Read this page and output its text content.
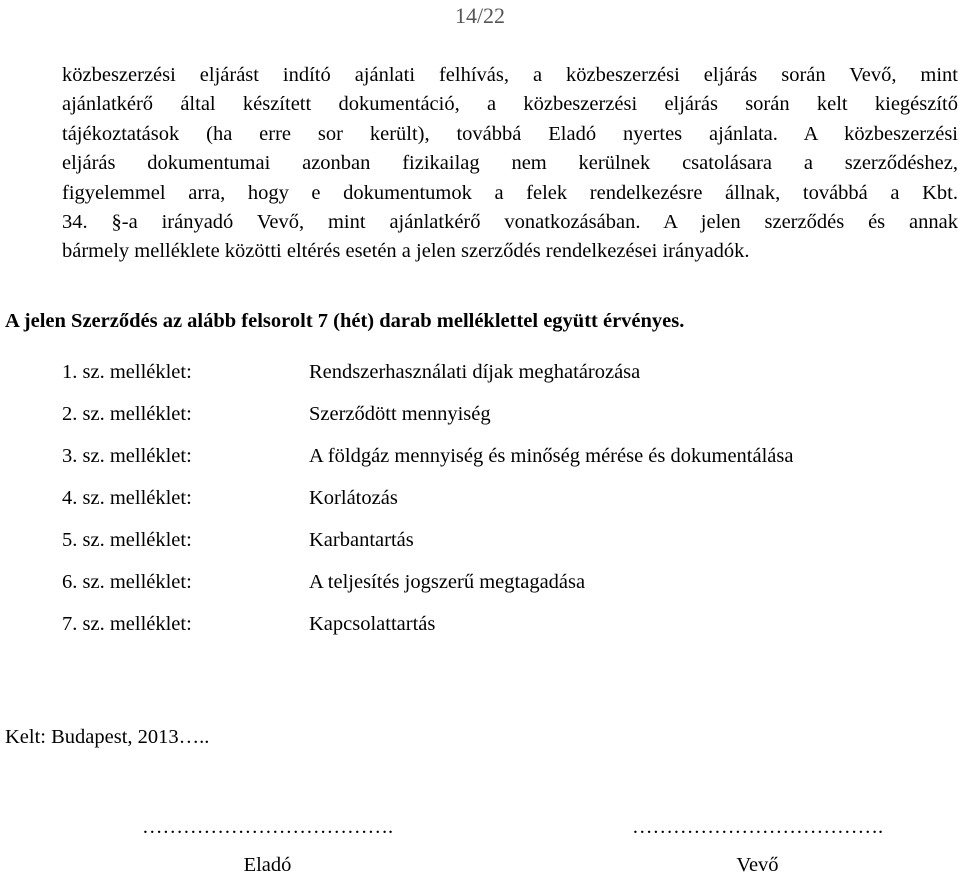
14/22
közbeszerzési eljárást indító ajánlati felhívás, a közbeszerzési eljárás során Vevő, mint
ajánlatkérő által készített dokumentáció, a közbeszerzési eljárás során kelt kiegészítő
tájékoztatások (ha erre sor került), továbbá Eladó nyertes ajánlata. A közbeszerzési
eljárás dokumentumai azonban fizikailag nem kerülnek csatolásara a szerződéshez,
figyelemmel arra, hogy e dokumentumok a felek rendelkezésre állnak, továbbá a Kbt.
34. §-a irányadó Vevő, mint ajánlatkérő vonatkozásában. A jelen szerződés és annak
bármely melléklete közötti eltérés esetén a jelen szerződés rendelkezései irányadók.
A jelen Szerződés az alább felsorolt 7 (hét) darab melléklettel együtt érvényes.
1. sz. melléklet:	Rendszerhasználati díjak meghatározása
2. sz. melléklet:	Szerződött mennyiség
3. sz. melléklet:	A földgáz mennyiség és minőség mérése és dokumentálása
4. sz. melléklet:	Korlátozás
5. sz. melléklet:	Karbantartás
6. sz. melléklet:	A teljesítés jogszerű megtagadása
7. sz. melléklet:	Kapcsolattartás
Kelt: Budapest, 2013…..
……………………………….
Eladó
……………………………….
Vevő
